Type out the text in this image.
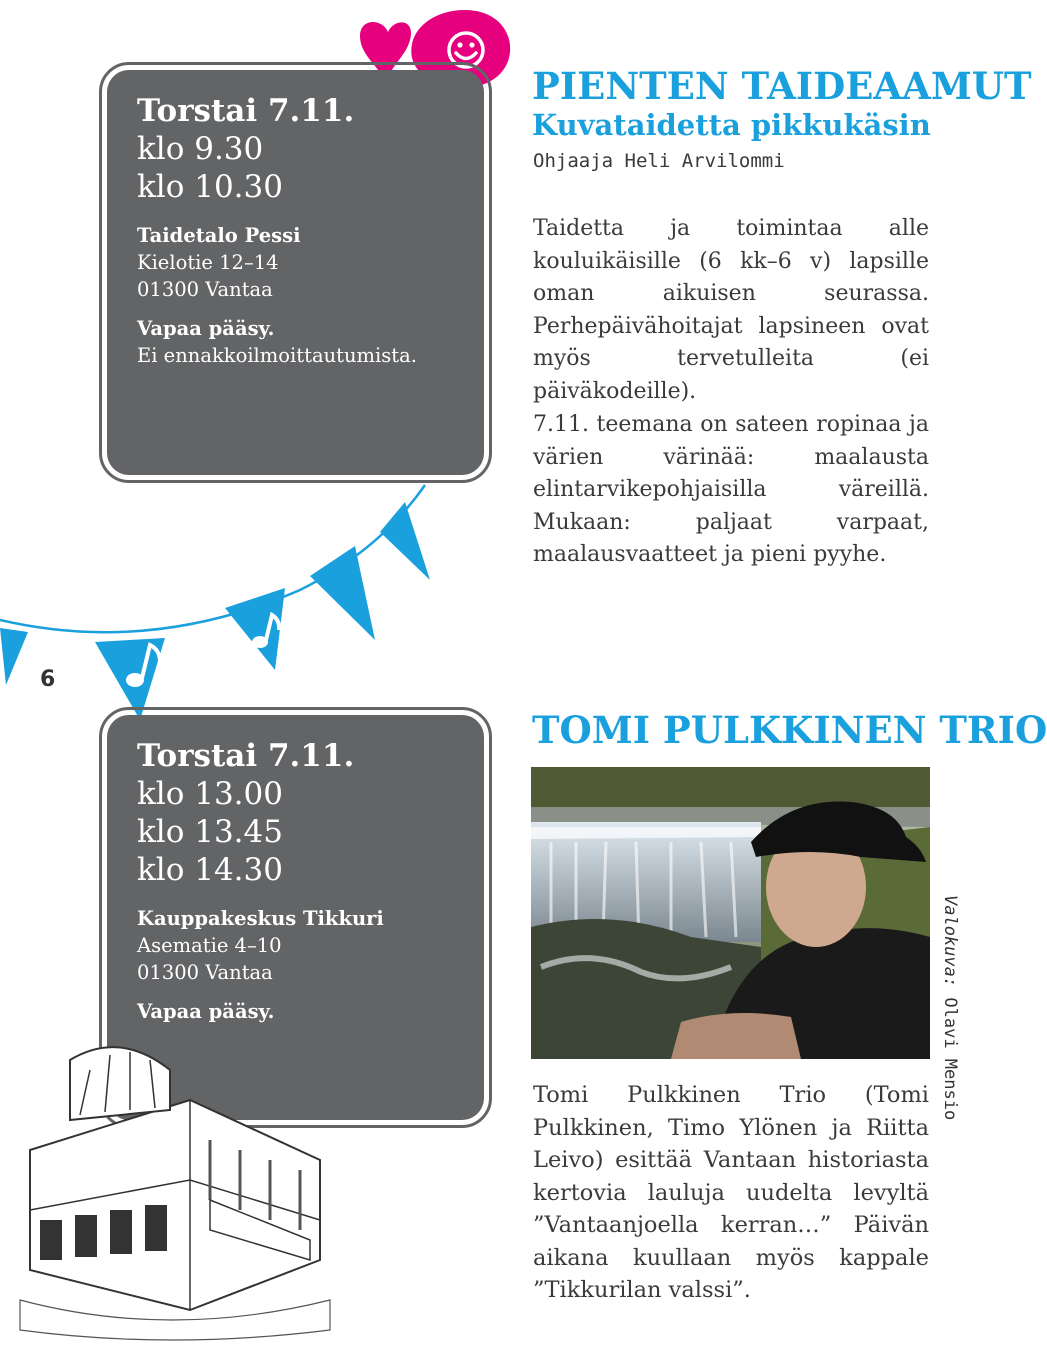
Torstai 7.11.

klo 9.30

klo 10.30

Taidetalo Pessi

Kielotie 12–14

01300 Vantaa

Vapaa pääsy.

Ei ennakkoilmoittautumista.

PIENTEN TAIDEAAMUT
Kuvataidetta pikkukäsin

Ohjaaja Heli Arvilommi

Taidetta ja toimintaa alle kouluikäisille (6 kk–6 v) lapsille oman aikuisen seurassa. Perhepäivähoitajat lapsineen ovat myös tervetulleita (ei päiväkodeille).

7.11. teemana on sateen ropinaa ja värien värinää: maalausta elintarvikepohjaisilla väreillä. Mukaan: paljaat varpaat, maalausvaatteet ja pieni pyyhe.

6

Torstai 7.11.

klo 13.00

klo 13.45

klo 14.30

Kauppakeskus Tikkuri

Asematie 4–10

01300 Vantaa

Vapaa pääsy.

TOMI PULKKINEN TRIO

Valokuva: Olavi Mensio

Tomi Pulkkinen Trio (Tomi Pulkkinen, Timo Ylönen ja Riitta Leivo) esittää Vantaan historiasta kertovia lauluja uudelta levyltä ”Vantaanjoella kerran…” Päivän aikana kuullaan myös kappale ”Tikkurilan valssi”.
